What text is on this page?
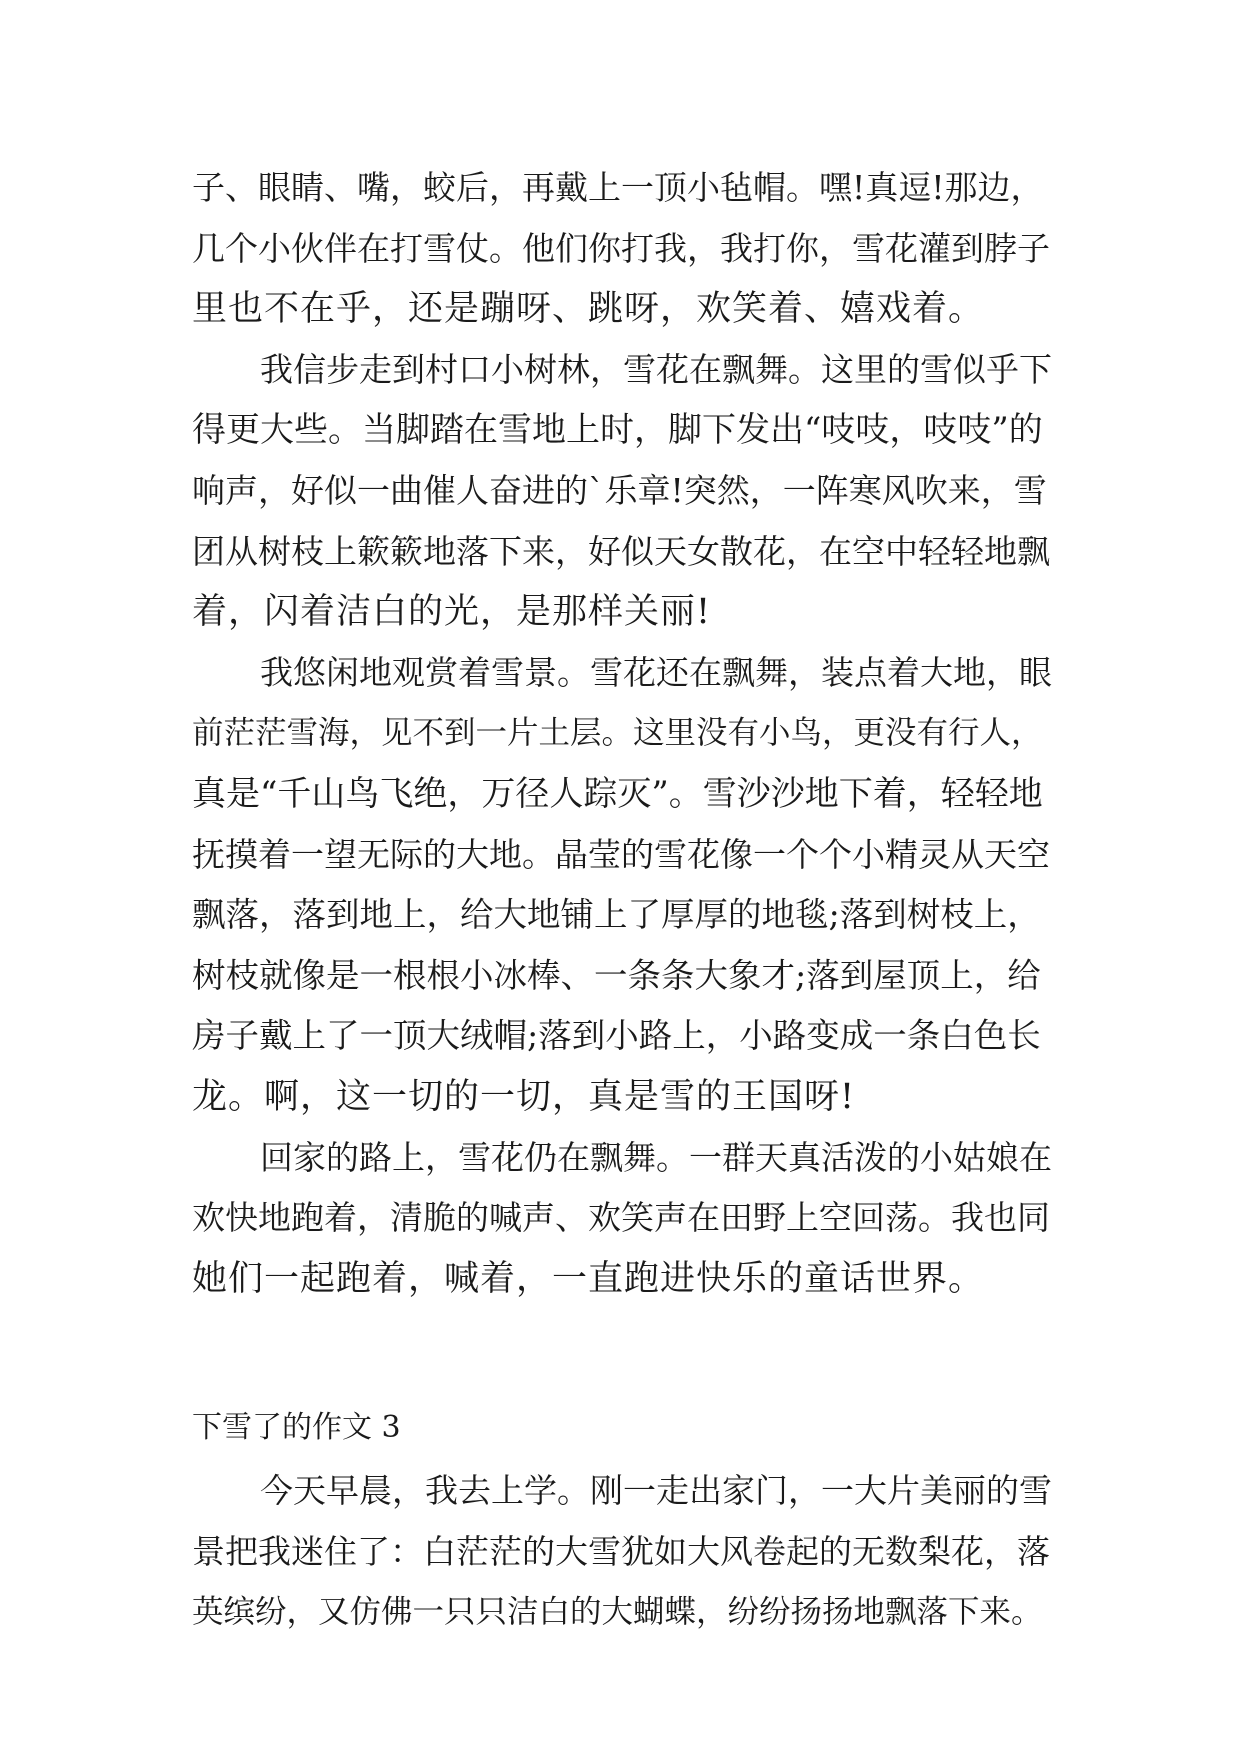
子、眼睛、嘴，蛟后，再戴上一顶小毡帽。嘿!真逗!那边，
几个小伙伴在打雪仗。他们你打我，我打你，雪花灌到脖子
里也不在乎，还是蹦呀、跳呀，欢笑着、嬉戏着。
我信步走到村口小树林，雪花在飘舞。这里的雪似乎下
得更大些。当脚踏在雪地上时，脚下发出“吱吱，吱吱”的
响声，好似一曲催人奋进的`乐章!突然，一阵寒风吹来，雪
团从树枝上簌簌地落下来，好似天女散花，在空中轻轻地飘
着，闪着洁白的光，是那样关丽!
我悠闲地观赏着雪景。雪花还在飘舞，装点着大地，眼
前茫茫雪海，见不到一片土层。这里没有小鸟，更没有行人，
真是“千山鸟飞绝，万径人踪灭”。雪沙沙地下着，轻轻地
抚摸着一望无际的大地。晶莹的雪花像一个个小精灵从天空
飘落，落到地上，给大地铺上了厚厚的地毯;落到树枝上，
树枝就像是一根根小冰棒、一条条大象才;落到屋顶上，给
房子戴上了一顶大绒帽;落到小路上，小路变成一条白色长
龙。啊，这一切的一切，真是雪的王国呀!
回家的路上，雪花仍在飘舞。一群天真活泼的小姑娘在
欢快地跑着，清脆的喊声、欢笑声在田野上空回荡。我也同
她们一起跑着，喊着，一直跑进快乐的童话世界。
下雪了的作文 3
今天早晨，我去上学。刚一走出家门，一大片美丽的雪
景把我迷住了：白茫茫的大雪犹如大风卷起的无数梨花，落
英缤纷，又仿佛一只只洁白的大蝴蝶，纷纷扬扬地飘落下来。
